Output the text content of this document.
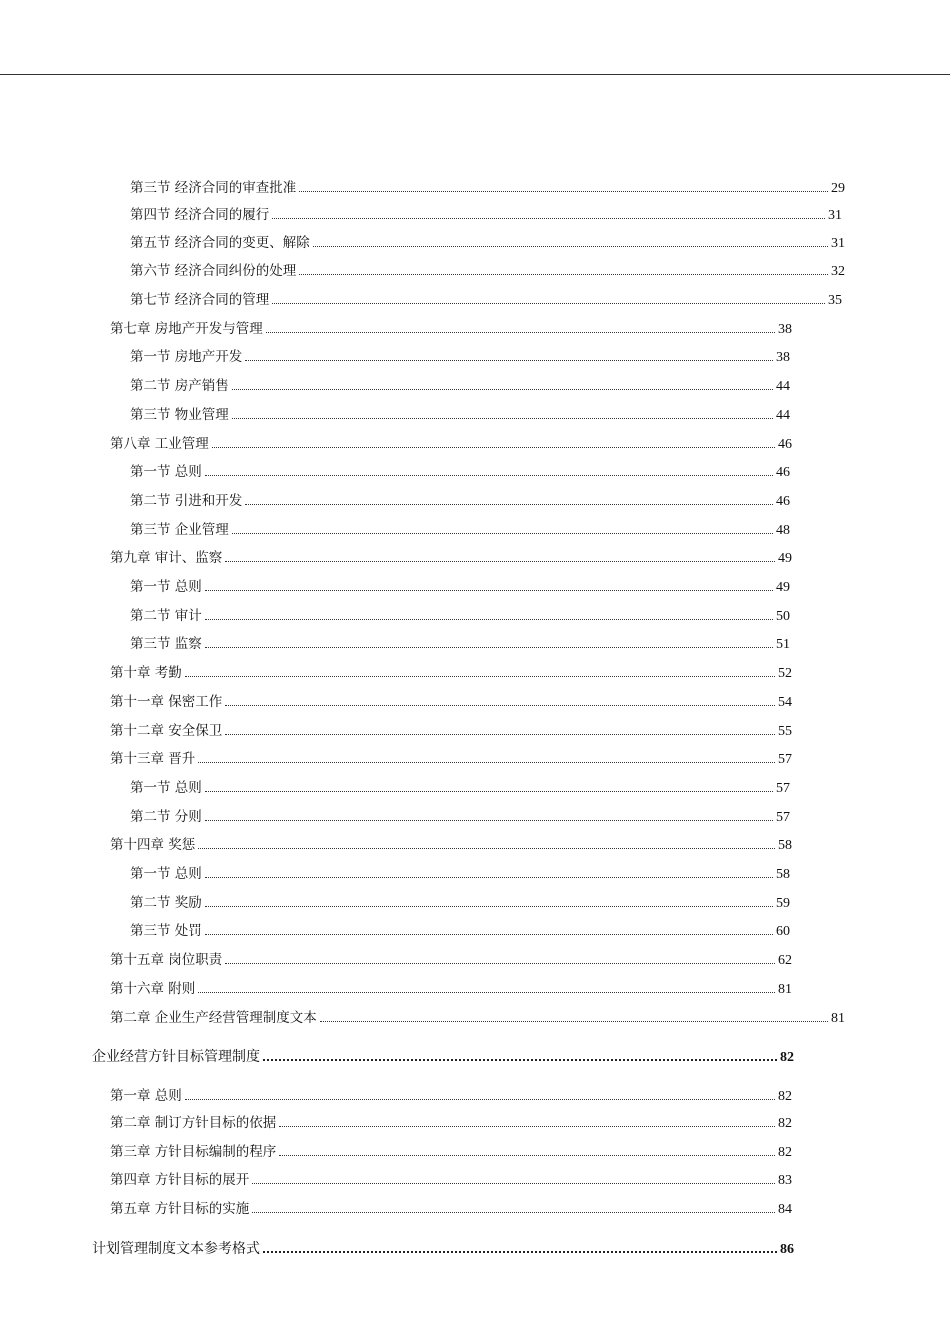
第三节 经济合同的审查批准	29
第四节 经济合同的履行	31
第五节 经济合同的变更、解除	31
第六节 经济合同纠份的处理	32
第七节 经济合同的管理	35
第七章 房地产开发与管理	38
第一节 房地产开发	38
第二节 房产销售	44
第三节 物业管理	44
第八章 工业管理	46
第一节 总则	46
第二节 引进和开发	46
第三节 企业管理	48
第九章 审计、监察	49
第一节 总则	49
第二节 审计	50
第三节 监察	51
第十章 考勤	52
第十一章 保密工作	54
第十二章 安全保卫	55
第十三章 晋升	57
第一节 总则	57
第二节 分则	57
第十四章 奖惩	58
第一节 总则	58
第二节 奖励	59
第三节 处罚	60
第十五章 岗位职责	62
第十六章 附则	81
第二章 企业生产经营管理制度文本	81
企业经营方针目标管理制度	82
第一章 总则	82
第二章 制订方针目标的依据	82
第三章 方针目标编制的程序	82
第四章 方针目标的展开	83
第五章 方针目标的实施	84
计划管理制度文本参考格式	86
